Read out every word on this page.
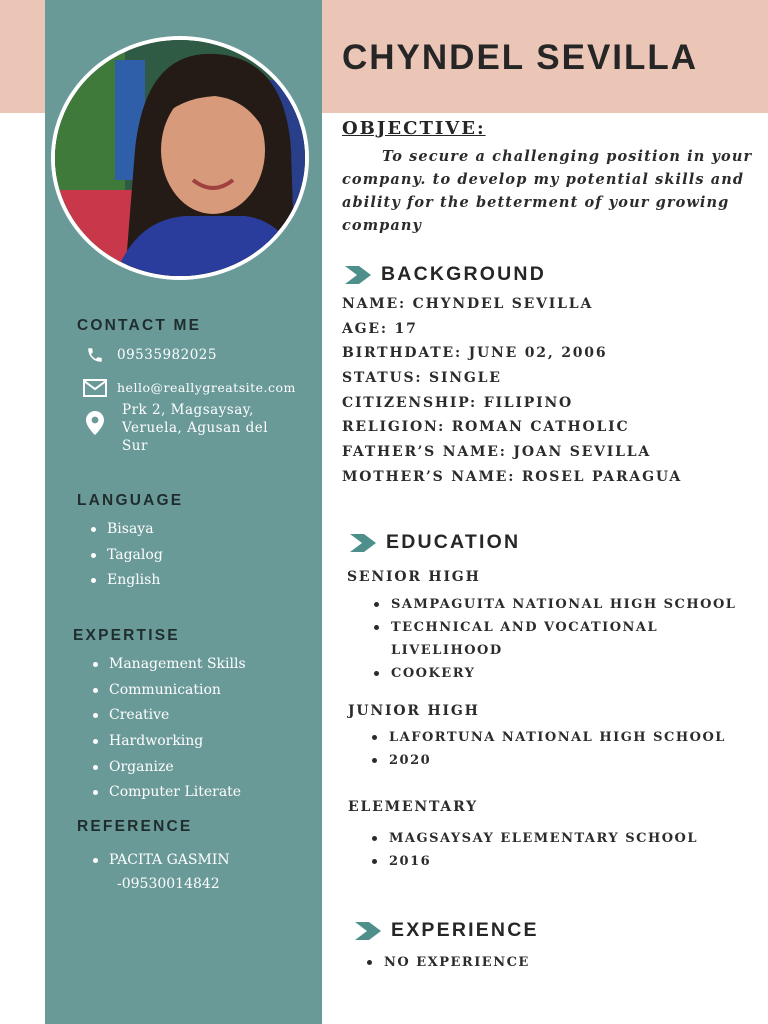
CHYNDEL SEVILLA
CONTACT ME
09535982025
hello@reallygreatsite.com
Prk 2, Magsaysay,
Veruela, Agusan del
Sur
LANGUAGE
Bisaya
Tagalog
English
EXPERTISE
Management Skills
Communication
Creative
Hardworking
Organize
Computer Literate
REFERENCE
PACITA GASMIN
-09530014842
OBJECTIVE:

To secure a challenging position in your company. to develop my potential skills and ability for the betterment of your growing company

BACKGROUND
NAME: CHYNDEL SEVILLA
AGE: 17
BIRTHDATE: JUNE 02, 2006
STATUS: SINGLE
CITIZENSHIP: FILIPINO
RELIGION: ROMAN CATHOLIC
FATHER’S NAME: JOAN SEVILLA
MOTHER’S NAME: ROSEL PARAGUA
EDUCATION
SENIOR HIGH
SAMPAGUITA NATIONAL HIGH SCHOOL
TECHNICAL AND VOCATIONAL
LIVELIHOOD
COOKERY
JUNIOR HIGH
LAFORTUNA NATIONAL HIGH SCHOOL
2020
ELEMENTARY
MAGSAYSAY ELEMENTARY SCHOOL
2016
EXPERIENCE
NO EXPERIENCE
